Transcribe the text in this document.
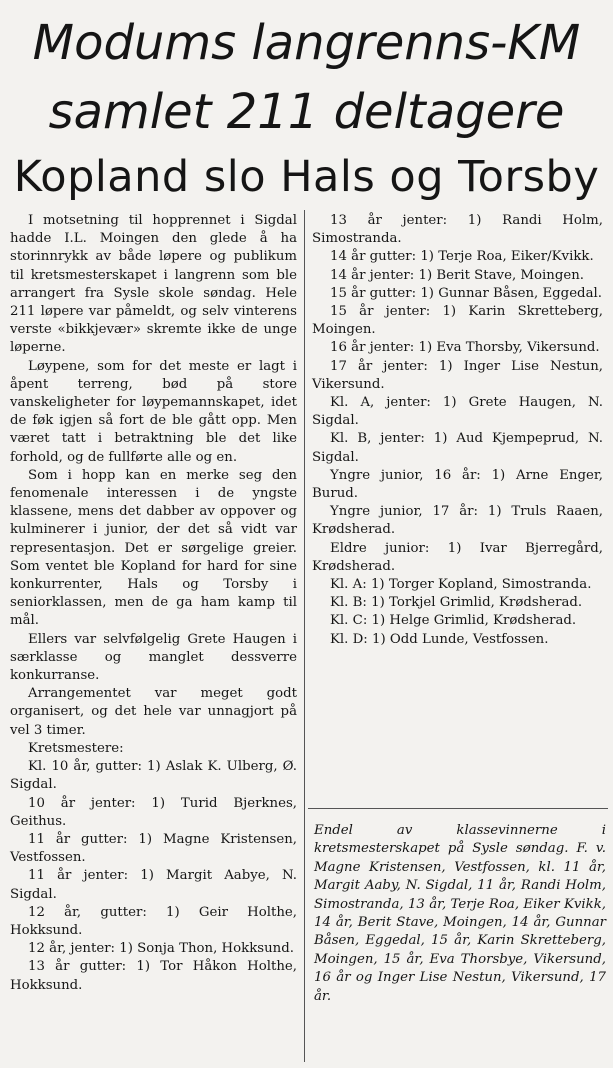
Modums langrenns-KM
samlet 211 deltagere
Kopland slo Hals og Torsby

I motsetning til hopprennet i Sigdal hadde I.L. Moingen den glede å ha storinnrykk av både løpere og publikum til kretsmesterskapet i langrenn som ble arrangert fra Sysle skole søndag. Hele 211 løpere var påmeldt, og selv vinterens verste «bikkjevær» skremte ikke de unge løperne.

Løypene, som for det meste er lagt i åpent terreng, bød på store vanskeligheter for løypemannskapet, idet de føk igjen så fort de ble gått opp. Men været tatt i betraktning ble det like forhold, og de fullførte alle og en.

Som i hopp kan en merke seg den fenomenale interessen i de yngste klassene, mens det dabber av oppover og kulminerer i junior, der det så vidt var representasjon. Det er sørgelige greier. Som ventet ble Kopland for hard for sine konkurrenter, Hals og Torsby i seniorklassen, men de ga ham kamp til mål.

Ellers var selvfølgelig Grete Haugen i særklasse og manglet dessverre konkurranse.

Arrangementet var meget godt organisert, og det hele var unnagjort på vel 3 timer.

Kretsmestere:

Kl. 10 år, gutter: 1) Aslak K. Ulberg, Ø. Sigdal.

10 år jenter: 1) Turid Bjerknes, Geithus.

11 år gutter: 1) Magne Kristensen, Vestfossen.

11 år jenter: 1) Margit Aabye, N. Sigdal.

12 år, gutter: 1) Geir Holthe, Hokksund.

12 år, jenter: 1) Sonja Thon, Hokksund.

13 år gutter: 1) Tor Håkon Holthe, Hokksund.

13 år jenter: 1) Randi Holm, Simostranda.

14 år gutter: 1) Terje Roa, Eiker/Kvikk.

14 år jenter: 1) Berit Stave, Moingen.

15 år gutter: 1) Gunnar Båsen, Eggedal.

15 år jenter: 1) Karin Skretteberg, Moingen.

16 år jenter: 1) Eva Thorsby, Vikersund.

17 år jenter: 1) Inger Lise Nestun, Vikersund.

Kl. A, jenter: 1) Grete Haugen, N. Sigdal.

Kl. B, jenter: 1) Aud Kjempeprud, N. Sigdal.

Yngre junior, 16 år: 1) Arne Enger, Burud.

Yngre junior, 17 år: 1) Truls Raaen, Krødsherad.

Eldre junior: 1) Ivar Bjerregård, Krødsherad.

Kl. A: 1) Torger Kopland, Simostranda.

Kl. B: 1) Torkjel Grimlid, Krødsherad.

Kl. C: 1) Helge Grimlid, Krødsherad.

Kl. D: 1) Odd Lunde, Vestfossen.

Endel av klassevinnerne i kretsmesterskapet på Sysle søndag. F. v. Magne Kristensen, Vestfossen, kl. 11 år, Margit Aaby, N. Sigdal, 11 år, Randi Holm, Simostranda, 13 år, Terje Roa, Eiker Kvikk, 14 år, Berit Stave, Moingen, 14 år, Gunnar Båsen, Eggedal, 15 år, Karin Skretteberg, Moingen, 15 år, Eva Thorsbye, Vikersund, 16 år og Inger Lise Nestun, Vikersund, 17 år.
